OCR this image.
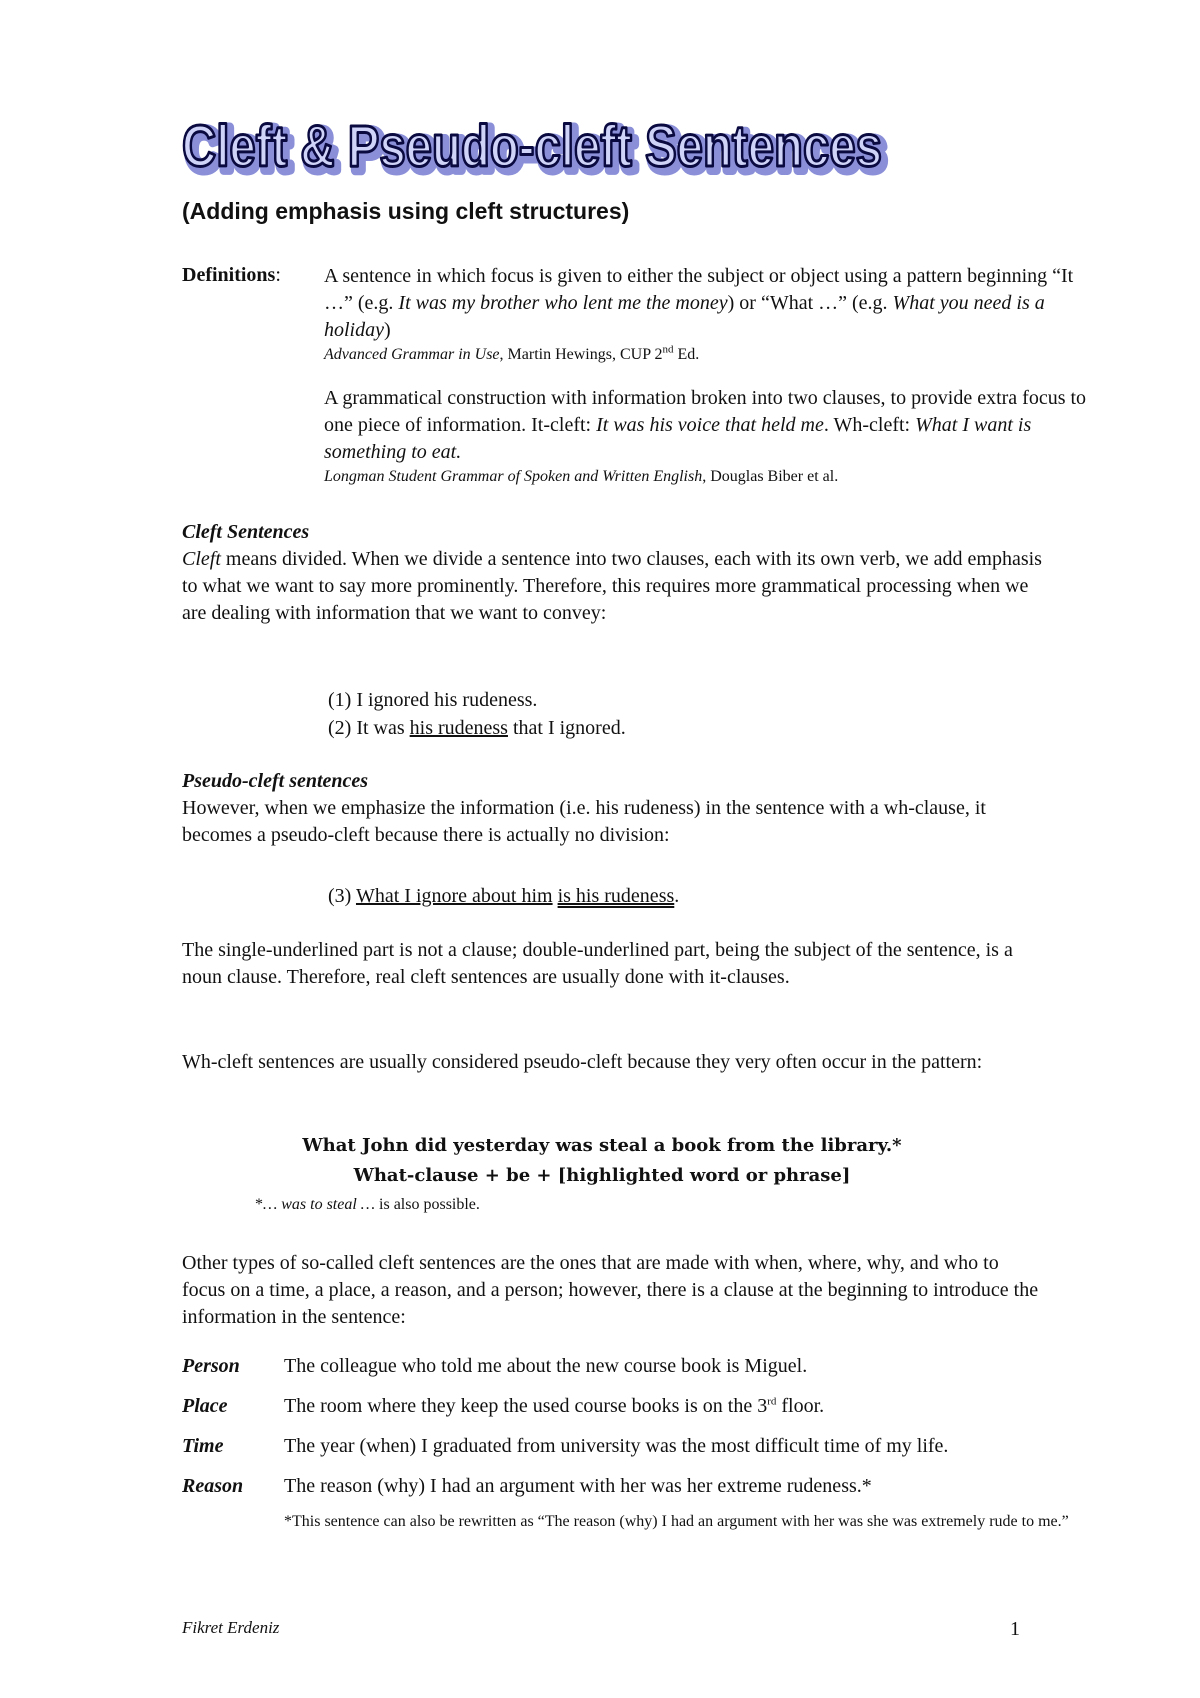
Cleft & Pseudo-cleft Sentences
Cleft & Pseudo-cleft Sentences
(Adding emphasis using cleft structures)
Definitions: A sentence in which focus is given to either the subject or object using a pattern beginning “It …” (e.g. It was my brother who lent me the money) or “What …” (e.g. What you need is a holiday)
Advanced Grammar in Use, Martin Hewings, CUP 2nd Ed.
A grammatical construction with information broken into two clauses, to provide extra focus to one piece of information. It-cleft: It was his voice that held me. Wh-cleft: What I want is something to eat.
Longman Student Grammar of Spoken and Written English, Douglas Biber et al.
Cleft Sentences
Cleft means divided. When we divide a sentence into two clauses, each with its own verb, we add emphasis to what we want to say more prominently. Therefore, this requires more grammatical processing when we are dealing with information that we want to convey:
(1) I ignored his rudeness.
(2) It was his rudeness that I ignored.
Pseudo-cleft sentences
However, when we emphasize the information (i.e. his rudeness) in the sentence with a wh-clause, it becomes a pseudo-cleft because there is actually no division:
(3) What I ignore about him is his rudeness.
The single-underlined part is not a clause; double-underlined part, being the subject of the sentence, is a noun clause. Therefore, real cleft sentences are usually done with it-clauses.
Wh-cleft sentences are usually considered pseudo-cleft because they very often occur in the pattern:
What John did yesterday was steal a book from the library.*
What-clause + be + [highlighted word or phrase]
*… was to steal … is also possible.
Other types of so-called cleft sentences are the ones that are made with when, where, why, and who to focus on a time, a place, a reason, and a person; however, there is a clause at the beginning to introduce the information in the sentence:
Person The colleague who told me about the new course book is Miguel.
Place	The room where they keep the used course books is on the 3rd floor.
Time	The year (when) I graduated from university was the most difficult time of my life.
Reason The reason (why) I had an argument with her was her extreme rudeness.*
*This sentence can also be rewritten as “The reason (why) I had an argument with her was she was extremely rude to me.”
Fikret Erdeniz	1
